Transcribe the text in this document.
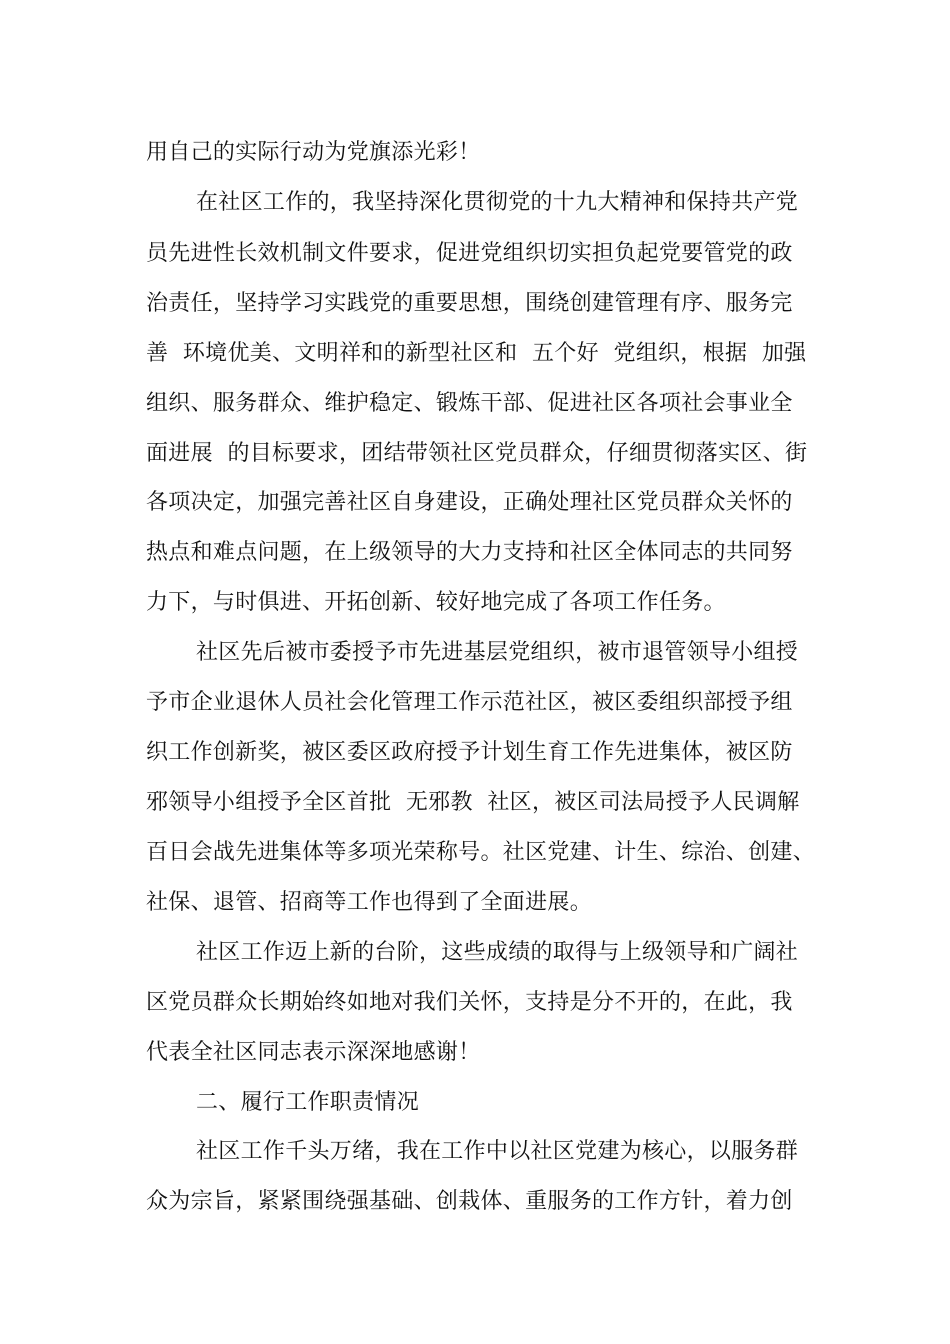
用自己的实际行动为党旗添光彩！
在社区工作的，我坚持深化贯彻党的十九大精神和保持共产党
员先进性长效机制文件要求，促进党组织切实担负起党要管党的政
治责任，坚持学习实践党的重要思想，围绕创建管理有序、服务完
善  环境优美、文明祥和的新型社区和  五个好  党组织，根据  加强
组织、服务群众、维护稳定、锻炼干部、促进社区各项社会事业全
面进展  的目标要求，团结带领社区党员群众，仔细贯彻落实区、街
各项决定，加强完善社区自身建设，正确处理社区党员群众关怀的
热点和难点问题，在上级领导的大力支持和社区全体同志的共同努
力下，与时俱进、开拓创新、较好地完成了各项工作任务。
社区先后被市委授予市先进基层党组织，被市退管领导小组授
予市企业退休人员社会化管理工作示范社区，被区委组织部授予组
织工作创新奖，被区委区政府授予计划生育工作先进集体，被区防
邪领导小组授予全区首批  无邪教  社区，被区司法局授予人民调解
百日会战先进集体等多项光荣称号。社区党建、计生、综治、创建、
社保、退管、招商等工作也得到了全面进展。
社区工作迈上新的台阶，这些成绩的取得与上级领导和广阔社
区党员群众长期始终如地对我们关怀，支持是分不开的，在此，我
代表全社区同志表示深深地感谢！
二、履行工作职责情况
社区工作千头万绪，我在工作中以社区党建为核心，以服务群
众为宗旨，紧紧围绕强基础、创栽体、重服务的工作方针，着力创
